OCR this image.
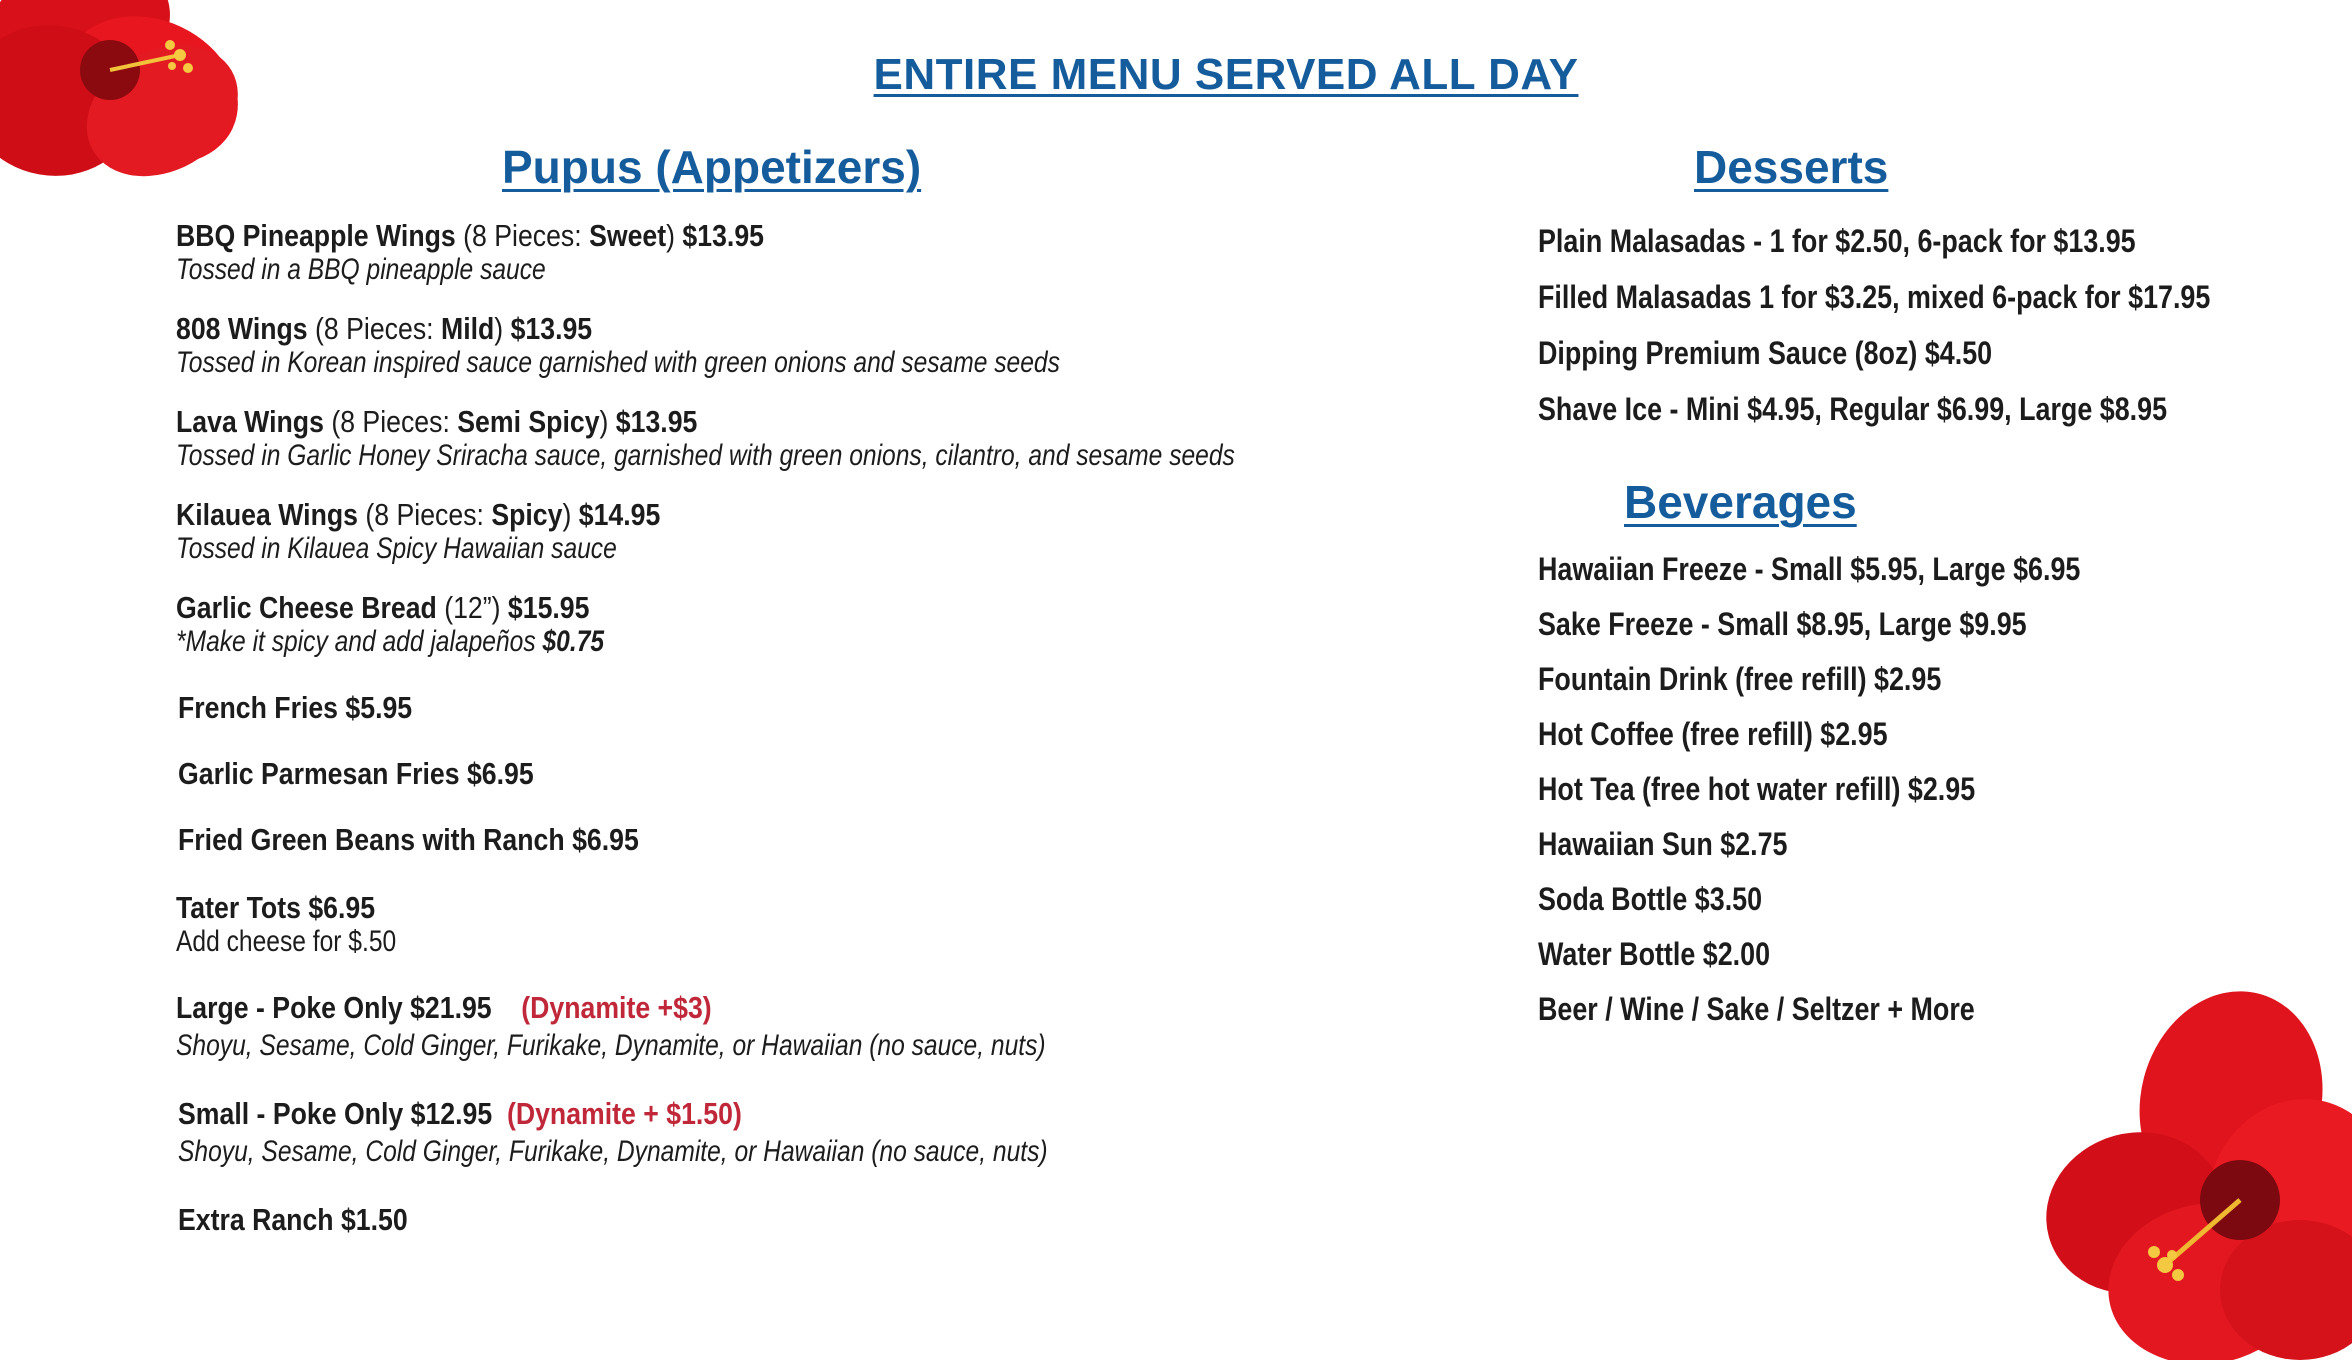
ENTIRE MENU SERVED ALL DAY
Pupus (Appetizers)
BBQ Pineapple Wings (8 Pieces: Sweet) $13.95
Tossed in a BBQ pineapple sauce
808 Wings (8 Pieces: Mild) $13.95
Tossed in Korean inspired sauce garnished with green onions and sesame seeds
Lava Wings (8 Pieces: Semi Spicy) $13.95
Tossed in Garlic Honey Sriracha sauce, garnished with green onions, cilantro, and sesame seeds
Kilauea Wings (8 Pieces: Spicy) $14.95
Tossed in Kilauea Spicy Hawaiian sauce
Garlic Cheese Bread (12”) $15.95
*Make it spicy and add jalapeños $0.75
French Fries $5.95
Garlic Parmesan Fries $6.95
Fried Green Beans with Ranch $6.95
Tater Tots $6.95
Add cheese for $.50
Large - Poke Only $21.95 (Dynamite +$3)
Shoyu, Sesame, Cold Ginger, Furikake, Dynamite, or Hawaiian (no sauce, nuts)
Small - Poke Only $12.95 (Dynamite + $1.50)
Shoyu, Sesame, Cold Ginger, Furikake, Dynamite, or Hawaiian (no sauce, nuts)
Extra Ranch $1.50
Desserts
Plain Malasadas - 1 for $2.50, 6-pack for $13.95
Filled Malasadas 1 for $3.25, mixed 6-pack for $17.95
Dipping Premium Sauce (8oz) $4.50
Shave Ice - Mini $4.95, Regular $6.99, Large $8.95
Beverages
Hawaiian Freeze - Small $5.95, Large $6.95
Sake Freeze - Small $8.95, Large $9.95
Fountain Drink (free refill) $2.95
Hot Coffee (free refill) $2.95
Hot Tea (free hot water refill) $2.95
Hawaiian Sun $2.75
Soda Bottle $3.50
Water Bottle $2.00
Beer / Wine / Sake / Seltzer + More
